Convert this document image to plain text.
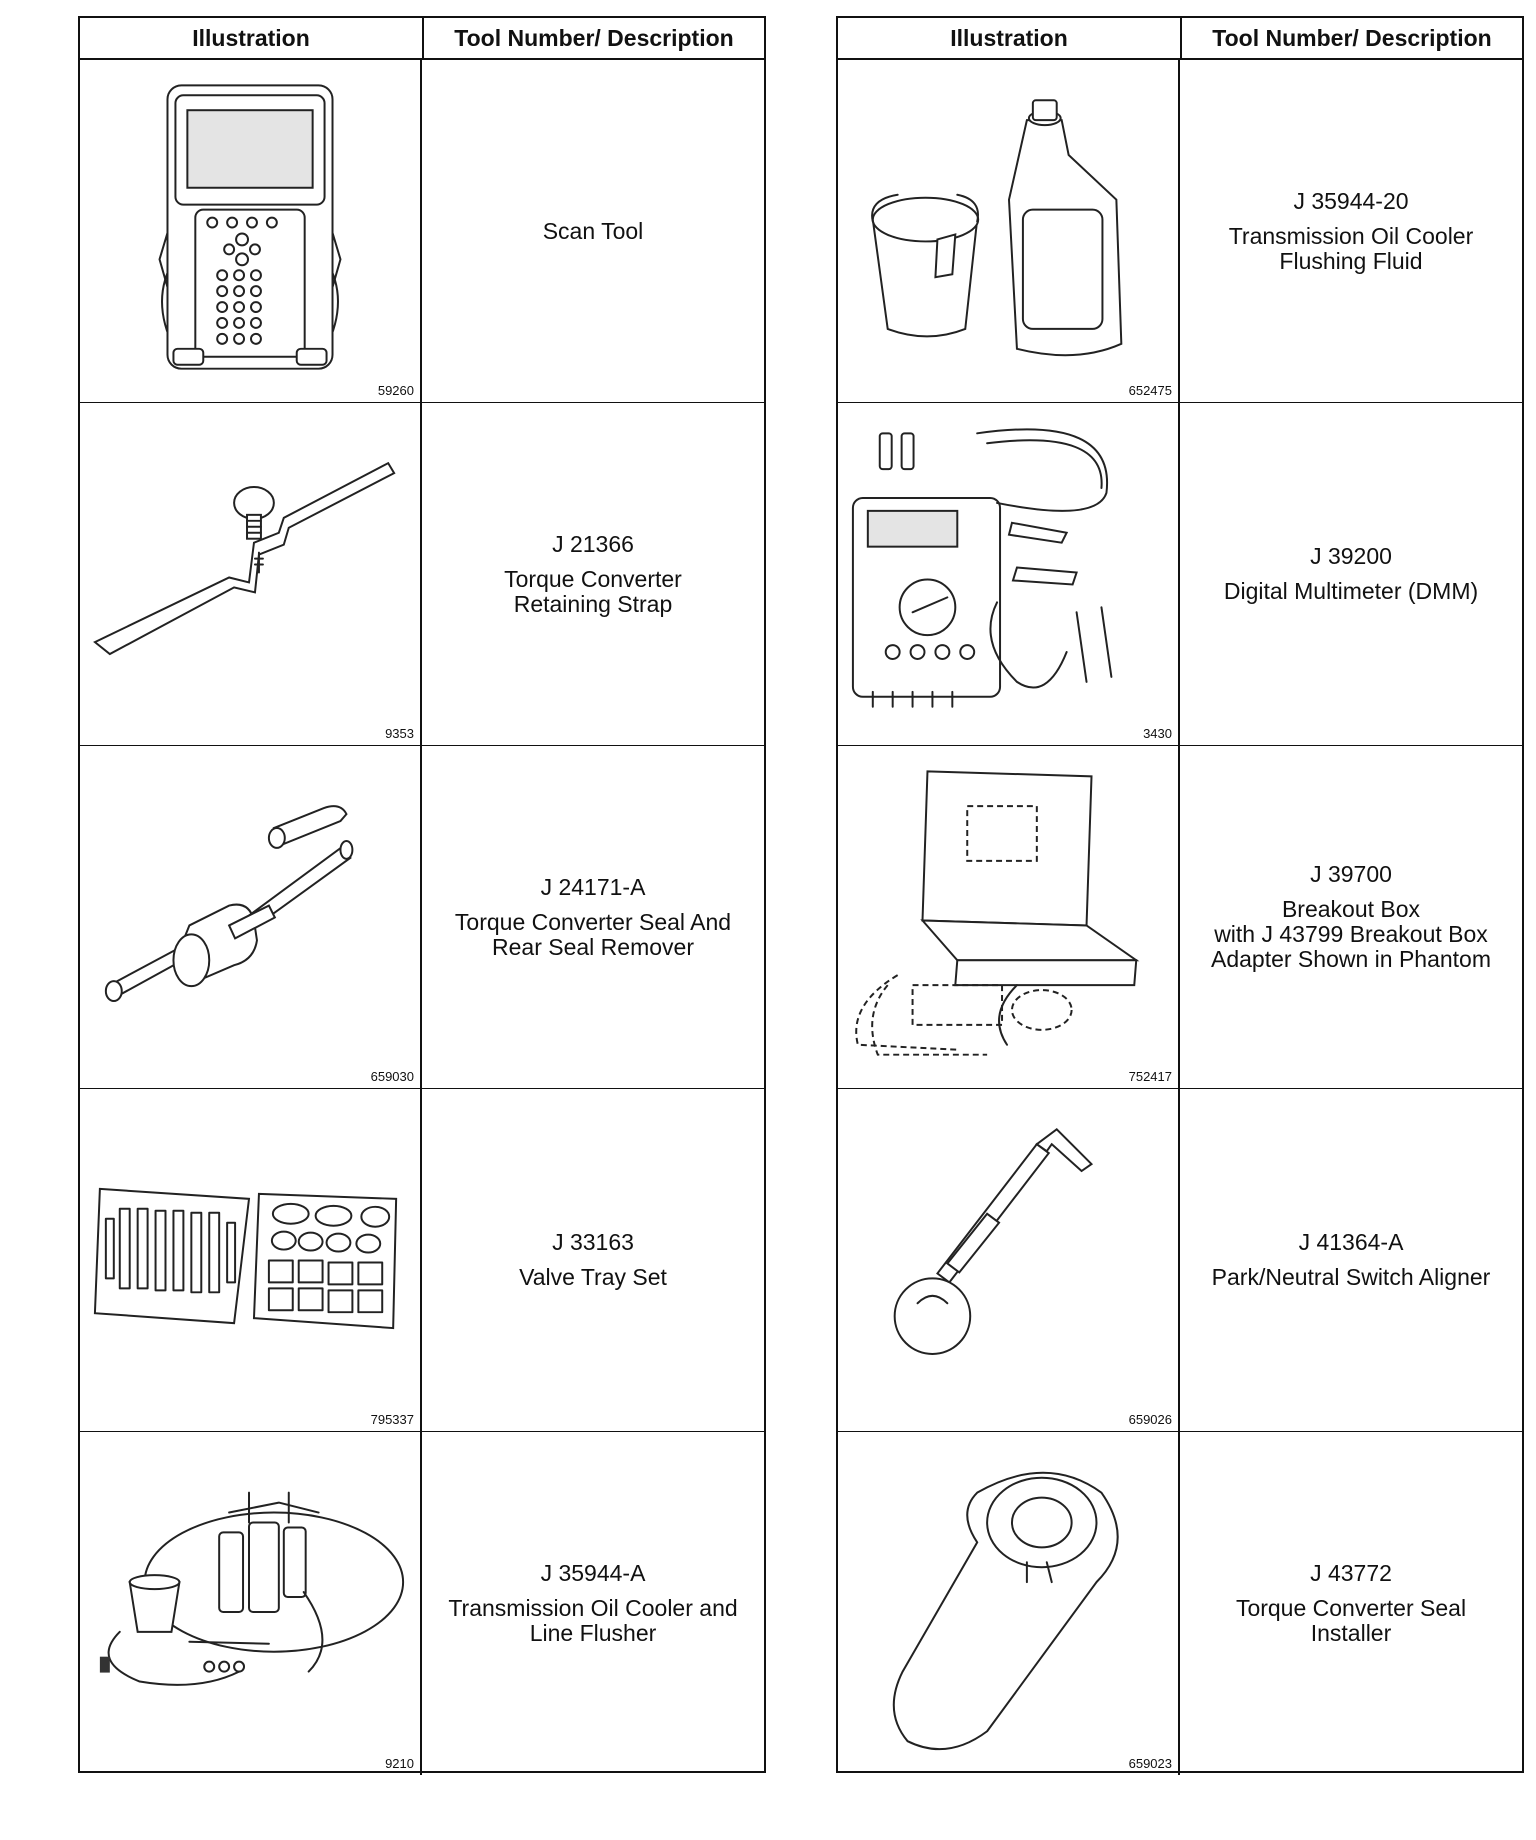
Illustration	Tool Number/ Description
59260
Scan Tool
9353
J 21366
Torque Converter
Retaining Strap
659030
J 24171-A
Torque Converter Seal And
Rear Seal Remover
795337
J 33163
Valve Tray Set
9210
J 35944-A
Transmission Oil Cooler and
Line Flusher
Illustration	Tool Number/ Description
652475
J 35944-20
Transmission Oil Cooler
Flushing Fluid
3430
J 39200
Digital Multimeter (DMM)
752417
J 39700
Breakout Box
with J 43799 Breakout Box
Adapter Shown in Phantom
659026
J 41364-A
Park/Neutral Switch Aligner
659023
J 43772
Torque Converter Seal
Installer
